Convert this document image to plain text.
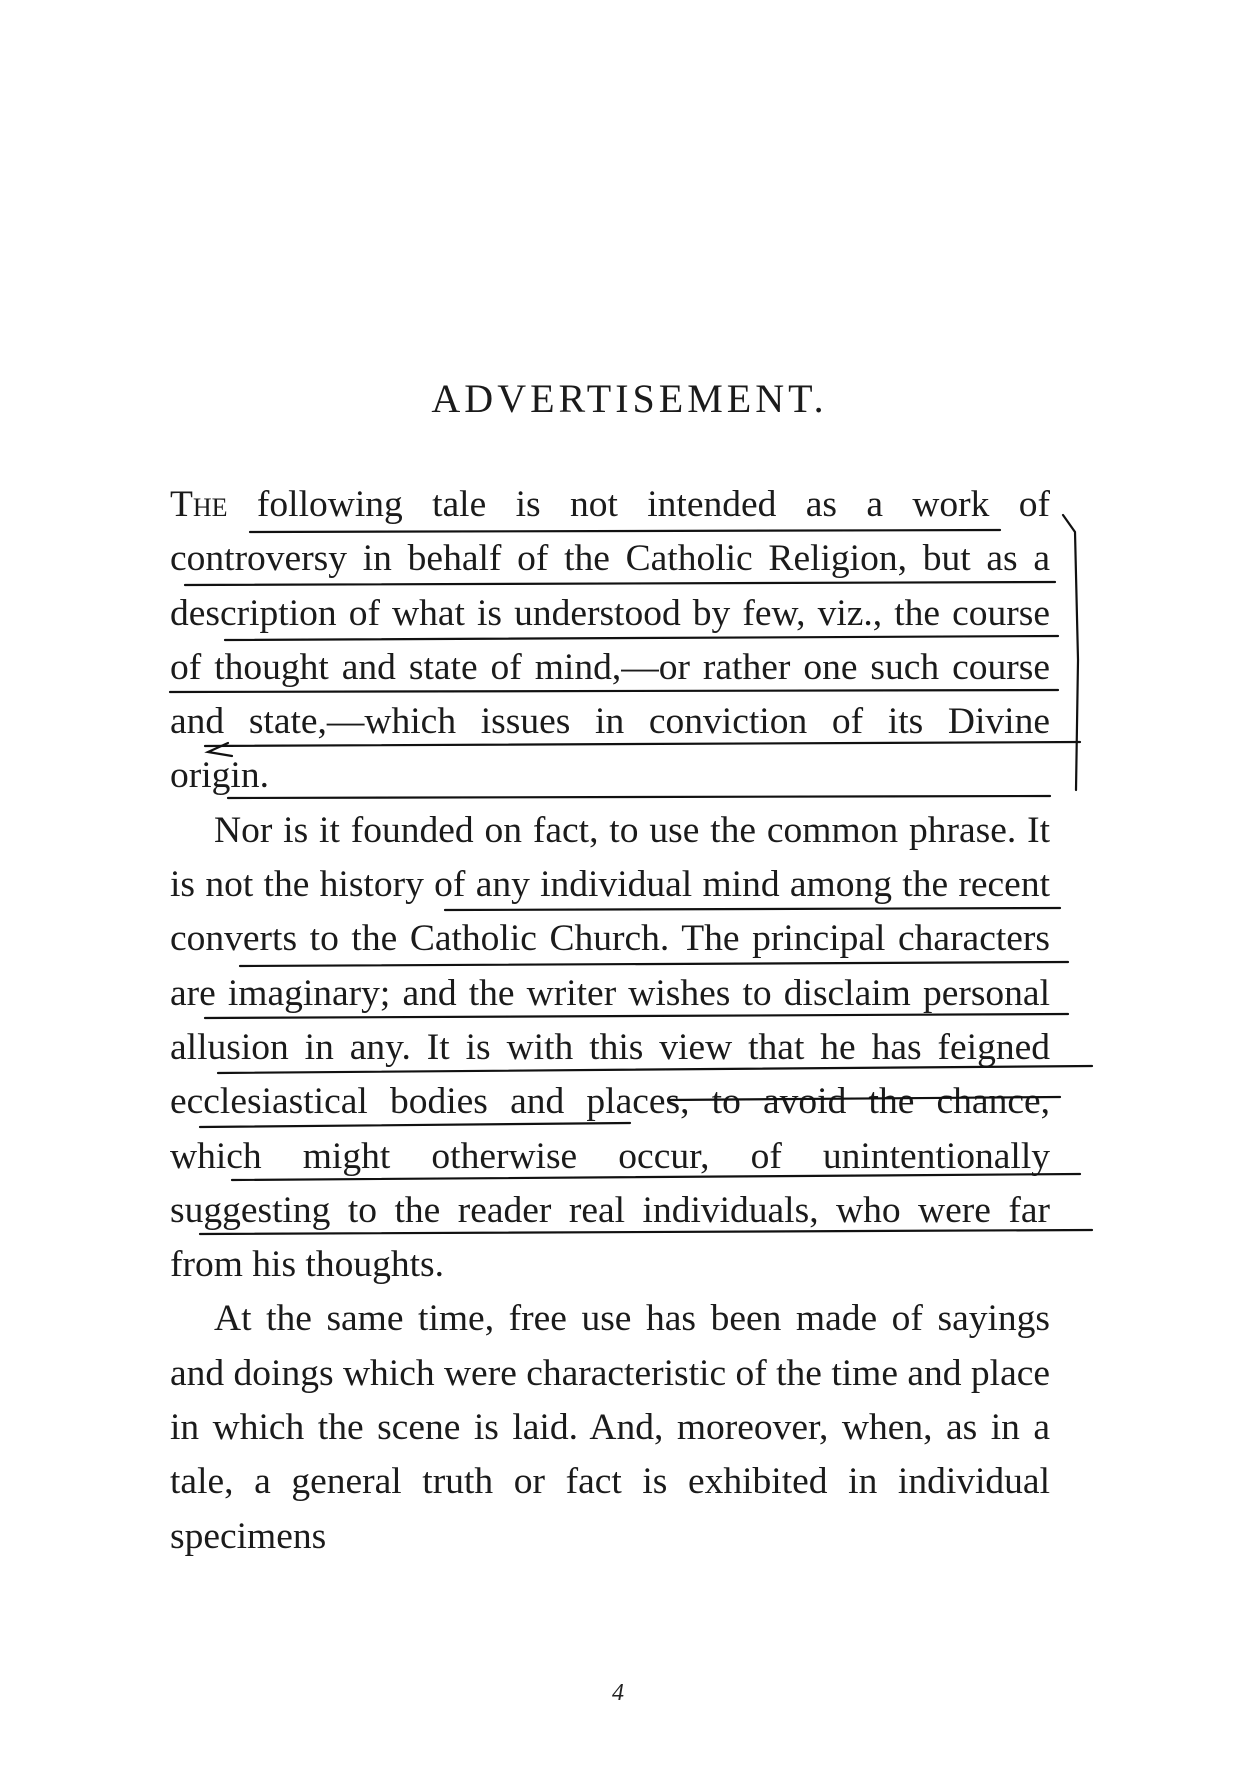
ADVERTISEMENT.

The following tale is not intended as a work of controversy in behalf of the Catholic Religion, but as a description of what is understood by few, viz., the course of thought and state of mind,—or rather one such course and state,—which issues in conviction of its Divine origin.

Nor is it founded on fact, to use the common phrase. It is not the history of any individual mind among the recent converts to the Catholic Church. The principal characters are imaginary; and the writer wishes to disclaim personal allusion in any. It is with this view that he has feigned ecclesiastical bodies and places, to avoid the chance, which might otherwise occur, of unintentionally suggesting to the reader real individuals, who were far from his thoughts.

At the same time, free use has been made of sayings and doings which were characteristic of the time and place in which the scene is laid. And, moreover, when, as in a tale, a general truth or fact is exhibited in individual specimens

4
